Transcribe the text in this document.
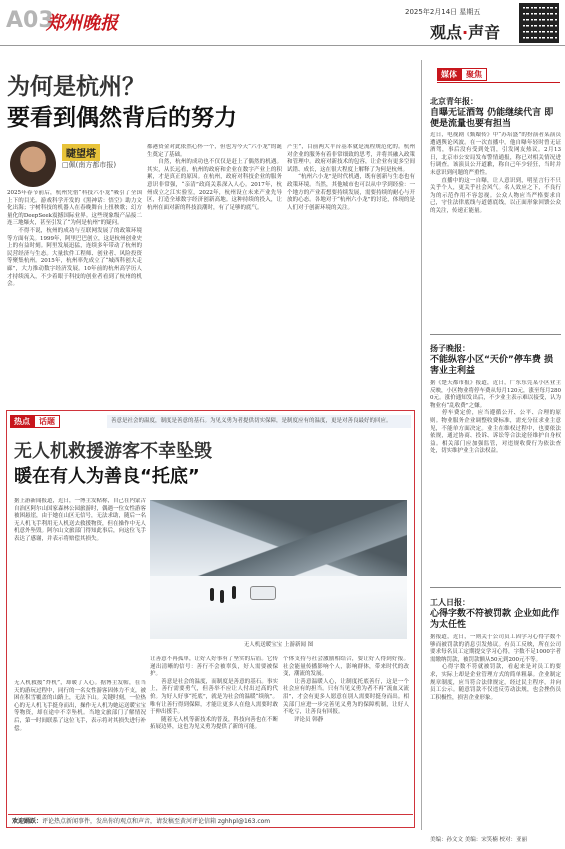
A03
郑州晚报
2025年2月14日 星期五
观点·声音
为何是杭州？
要看到偶然背后的努力
睫望塔
□佩(南方都市报)
2025年春节前后，杭州凭借“科技六小龙”吸引了全国上下的目光。游戏科学开发的《黑神话：悟空》助力文化出海；宇树科技的机器人在春晚舞台上扭秧歌；幻方量化的DeepSeek震撼国际业界。这些现象级产品接二连三地爆火，甚至引发了“为何是杭州”的疑问。
　　不得不说，杭州的成功与互联网发展了的政策环境等方面有关。1999年，阿里巴巴创立，这是杭州创业史上的有益时刻。阿里发展迅猛，连续多年带动了杭州的民营经济与生态。大量软件工程师、创业者、风险投资等聚集杭州。2015年，杭州率先成立了“城西科创大走廊”，大力推动数字经济发展。10年前的杭州高学历人才持续流入，不少着眼于科技的创业者看到了杭州的机会。
都港资金对此依然心怀一个，但也为今天“六小龙”的诞生奠定了基础。
　　自然，杭州的成功也不仅仅是赶上了偶然的机遇。其实，从长远看，杭州的政府和企业在数字产业上的积累，才是真正的原因。在杭州，政府对科技企业的服务意识非常强，“亲清”政商关系深入人心。2017年，杭州成立之江实验室，2022年，杭州设立未来产业先导区，打造全球数字经济创新高地。这种持续的投入，让杭州在面对新的科技浪潮时，有了足够的底气。
产生”，目前两大平台基本就是流程规范化的。杭州对企业的服务有着非常细致的思考，并将其融入政策和管理中。政府对新技术的包容，让企业有更多空间试错、成长，这在很大程度上解释了为何是杭州。
　　“杭州六小龙”是时代机遇，既有创新与生态也有政策环境。当然，其他城市也可以从中学到经验：一个地方的产业若想要持续发展，需要持续的耐心与开放的心态。各地对于“杭州六小龙”的讨论，体现的是人们对于创新环境的关注。
热点	话题	善意是社会的温度，制度是善意的基石。为见义勇为者提供切实保障，是制度应有的温度，更是对善良最好的回应。
无人机救援游客不幸坠毁
暖在有人为善良“托底”
据上游新闻报道，近日，一博主发帖称，自己在内蒙古自治区阿尔山国家森林公园旅游时，偶遇一位女性游客被困悬崖，由于她在山区无信号，无法求助，随后一名无人机飞手利用无人机送去救援物资，但在操作中无人机意外坠毁。阿尔山文旅部门得知此事后，向这位飞手表达了感谢，并表示将赔偿其损失。
无人机送暖宝宝 上游新闻 图
无人机救援“炸机”，却暖了人心。据博主发帖，在当天的游玩过程中，同行的一名女性游客因体力不支，被困在积雪覆盖的山路上，无法下山。关键时刻，一位热心的无人机飞手挺身而出，操作无人机为她运送暖宝宝等物资，却在途中不幸坠机。当地文旅部门了解情况后，第一时间联系了这位飞手，表示将对其损失进行补偿。
让善意不再孤单，让好人好事有了坚实的后盾。它传递出清晰的信号：善行不会被辜负，好人需要被保护。
　　善意是社会的温度，而制度是善意的基石。事实上，善行需要勇气，但善举不应让人付出过高的代价。为好人好事“托底”，就是为社会的温暖“续航”。唯有让善行得到保障，才能让更多人在他人需要时敢于伸出援手。
　　随着无人机等新技术的普及，科技向善也在不断拓展边界，这也为见义勇为提供了新的可能。
个体支持与社会激励相结合，要让好人得到好报。社会能量传播影响个人，影响群体，带来时代的改变，潮流的发展。
　　让善意温暖人心，让制度托底善行，这是一个社会应有的担当。只有当见义勇为者不再“流血又流泪”，才会有更多人愿意在别人需要时挺身而出。相关部门应进一步完善见义勇为的保障机制，让好人不吃亏，让善良有回报。
　　评论员 韩静
欢迎踊跃：评论热点新闻事件，发出你的观点和声音，请发稿至黄河评论信箱 zghhpl@163.com
媒体	聚焦
北京青年报：
自曝无证酒驾 仍能继续代言 即便是流量也要有担当
近日，电视剧《甄嬛传》中“苏培盛”的扮演者某演员遭遇舆论风波。在一次直播中，他自曝年轻时曾无证酒驾，事后没有受到处罚，引发网友热议。2月13日，北京市公安局发布警情通报，称已对相关情况进行调查。该演员公开道歉，称自己年少轻狂，当时并未意识到问题的严重性。
　　直播中的这一自曝，让人意识到，明星言行不只关乎个人，更关乎社会风气。名人效应之下，不良行为的示范作用不容忽视。公众人物应当严格要求自己，守住法律底线与道德底线，以正面形象回馈公众的关注，传递正能量。
扬子晚报：
不能纵容小区“天价”停车费 损害业主利益
据《楚天都市报》报道，近日，广东东莞某小区业主反映，小区物业将停车费从每月120元，涨至每月2800元。涨价通知发出后，不少业主表示难以接受，认为物业有“乱收费”之嫌。
　　停车费定价，应当遵循公开、公平、合理的原则。物业服务企业调整收费标准，需充分征求业主意见，不能单方面决定。业主在维权过程中，也要依法依规，通过协商、投诉、诉讼等合法途径维护自身权益。相关部门应加强监管，对违规收费行为依法查处，切实维护业主合法权益。
工人日报：
心得字数不符被罚款 企业如此作为太任性
据报道，近日，一则关于公司员工因学习心得字数不够而被罚款的消息引发热议。有员工反映，所在公司要求每名员工定期提交学习心得，字数不足1000字者需缴纳罚款，被罚款额从50元到200元不等。
　　心得字数不符就被罚款，看起来是对员工的要求，实际上却是企业管理方式的简单粗暴。企业制定规章制度，应当符合法律规定，经过民主程序，并向员工公示。随意罚款不仅违反劳动法规，也会挫伤员工积极性，损害企业形象。
美编：孙文文 美编：宋笑楠 校对：亚丽
